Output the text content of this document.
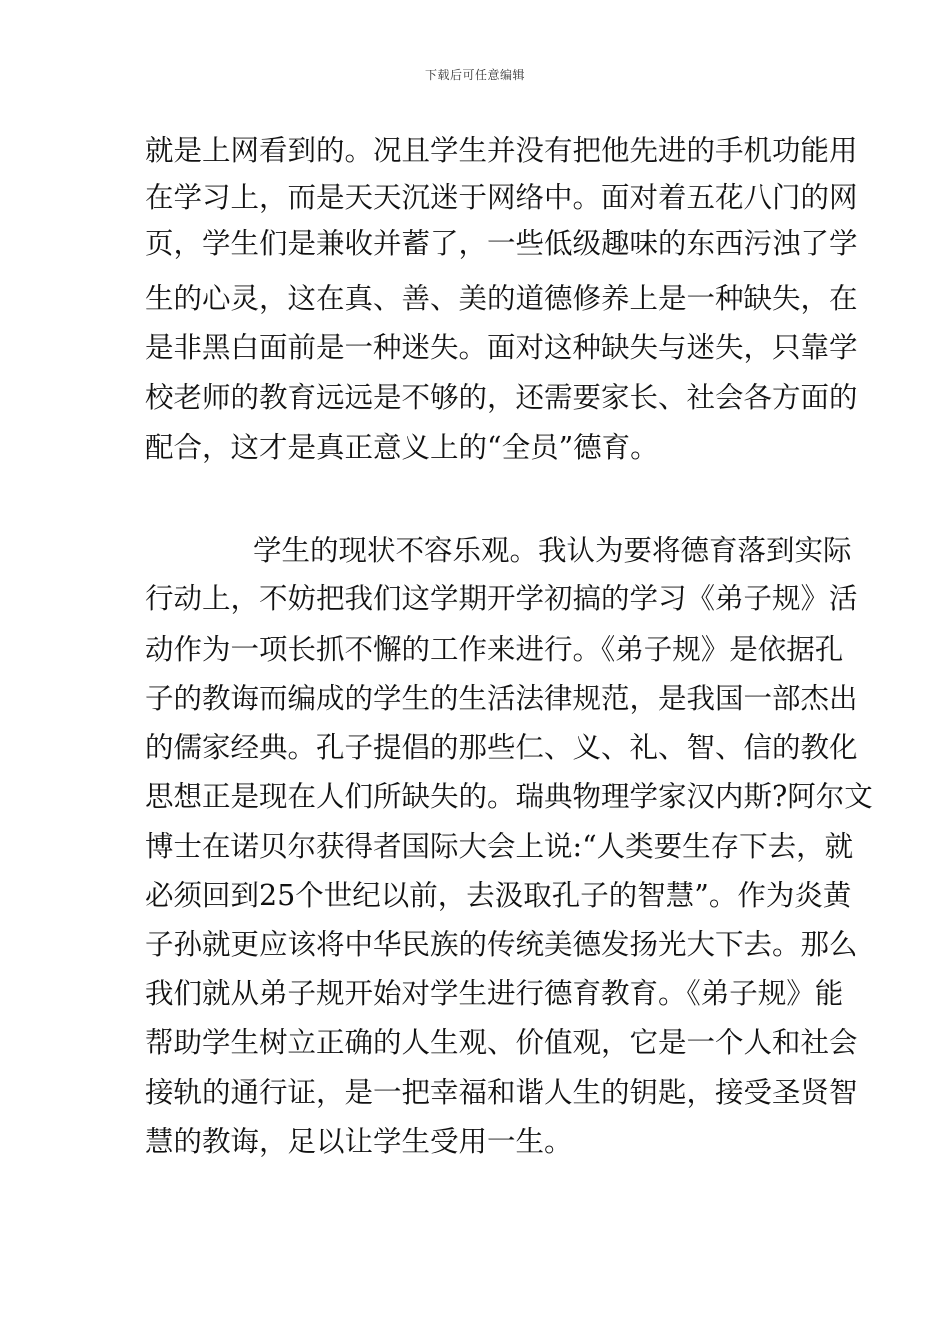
下载后可任意编辑
就是上网看到的。况且学生并没有把他先进的手机功能用
在学习上，而是天天沉迷于网络中。面对着五花八门的网
页，学生们是兼收并蓄了，一些低级趣味的东西污浊了学
生的心灵，这在真、善、美的道德修养上是一种缺失，在
是非黑白面前是一种迷失。面对这种缺失与迷失，只靠学
校老师的教育远远是不够的，还需要家长、社会各方面的
配合，这才是真正意义上的“全员”德育。
学生的现状不容乐观。我认为要将德育落到实际
行动上，不妨把我们这学期开学初搞的学习《弟子规》活
动作为一项长抓不懈的工作来进行。《弟子规》是依据孔
子的教诲而编成的学生的生活法律规范，是我国一部杰出
的儒家经典。孔子提倡的那些仁、义、礼、智、信的教化
思想正是现在人们所缺失的。瑞典物理学家汉内斯?阿尔文
博士在诺贝尔获得者国际大会上说:“人类要生存下去，就
必须回到25个世纪以前，去汲取孔子的智慧”。作为炎黄
子孙就更应该将中华民族的传统美德发扬光大下去。那么
我们就从弟子规开始对学生进行德育教育。《弟子规》能
帮助学生树立正确的人生观、价值观，它是一个人和社会
接轨的通行证，是一把幸福和谐人生的钥匙，接受圣贤智
慧的教诲，足以让学生受用一生。
